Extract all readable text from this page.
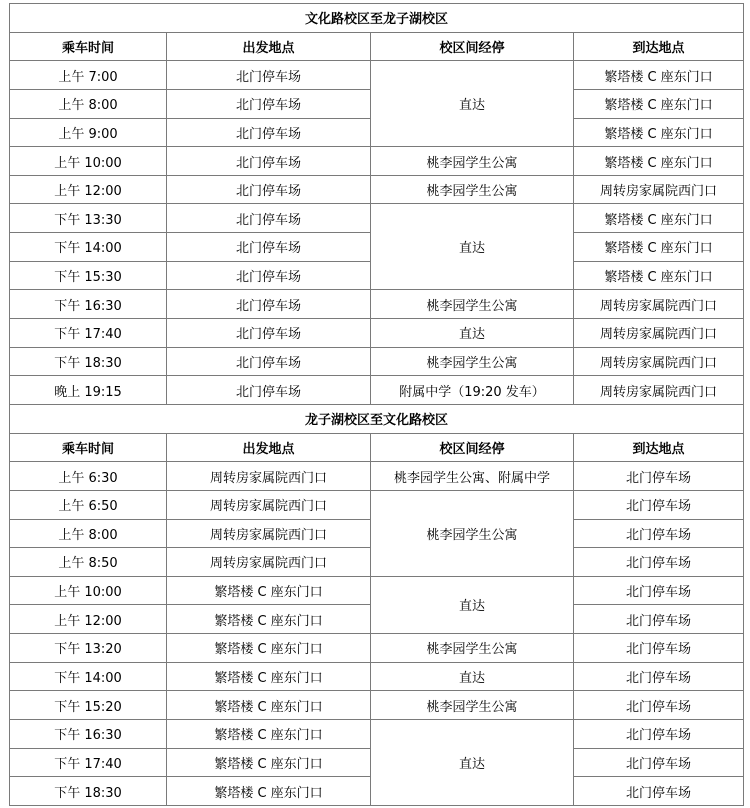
文化路校区至龙子湖校区			
乘车时间	出发地点	校区间经停	到达地点
上午 7:00	北门停车场	直达	繁塔楼 C 座东门口
上午 8:00	北门停车场		繁塔楼 C 座东门口
上午 9:00	北门停车场		繁塔楼 C 座东门口
上午 10:00	北门停车场	桃李园学生公寓	繁塔楼 C 座东门口
上午 12:00	北门停车场	桃李园学生公寓	周转房家属院西门口
下午 13:30	北门停车场	直达	繁塔楼 C 座东门口
下午 14:00	北门停车场		繁塔楼 C 座东门口
下午 15:30	北门停车场		繁塔楼 C 座东门口
下午 16:30	北门停车场	桃李园学生公寓	周转房家属院西门口
下午 17:40	北门停车场	直达	周转房家属院西门口
下午 18:30	北门停车场	桃李园学生公寓	周转房家属院西门口
晚上 19:15	北门停车场	附属中学（19:20 发车）	周转房家属院西门口
龙子湖校区至文化路校区			
乘车时间	出发地点	校区间经停	到达地点
上午 6:30	周转房家属院西门口	桃李园学生公寓、附属中学	北门停车场
上午 6:50	周转房家属院西门口	桃李园学生公寓	北门停车场
上午 8:00	周转房家属院西门口		北门停车场
上午 8:50	周转房家属院西门口		北门停车场
上午 10:00	繁塔楼 C 座东门口	直达	北门停车场
上午 12:00	繁塔楼 C 座东门口		北门停车场
下午 13:20	繁塔楼 C 座东门口	桃李园学生公寓	北门停车场
下午 14:00	繁塔楼 C 座东门口	直达	北门停车场
下午 15:20	繁塔楼 C 座东门口	桃李园学生公寓	北门停车场
下午 16:30	繁塔楼 C 座东门口	直达	北门停车场
下午 17:40	繁塔楼 C 座东门口		北门停车场
下午 18:30	繁塔楼 C 座东门口		北门停车场
